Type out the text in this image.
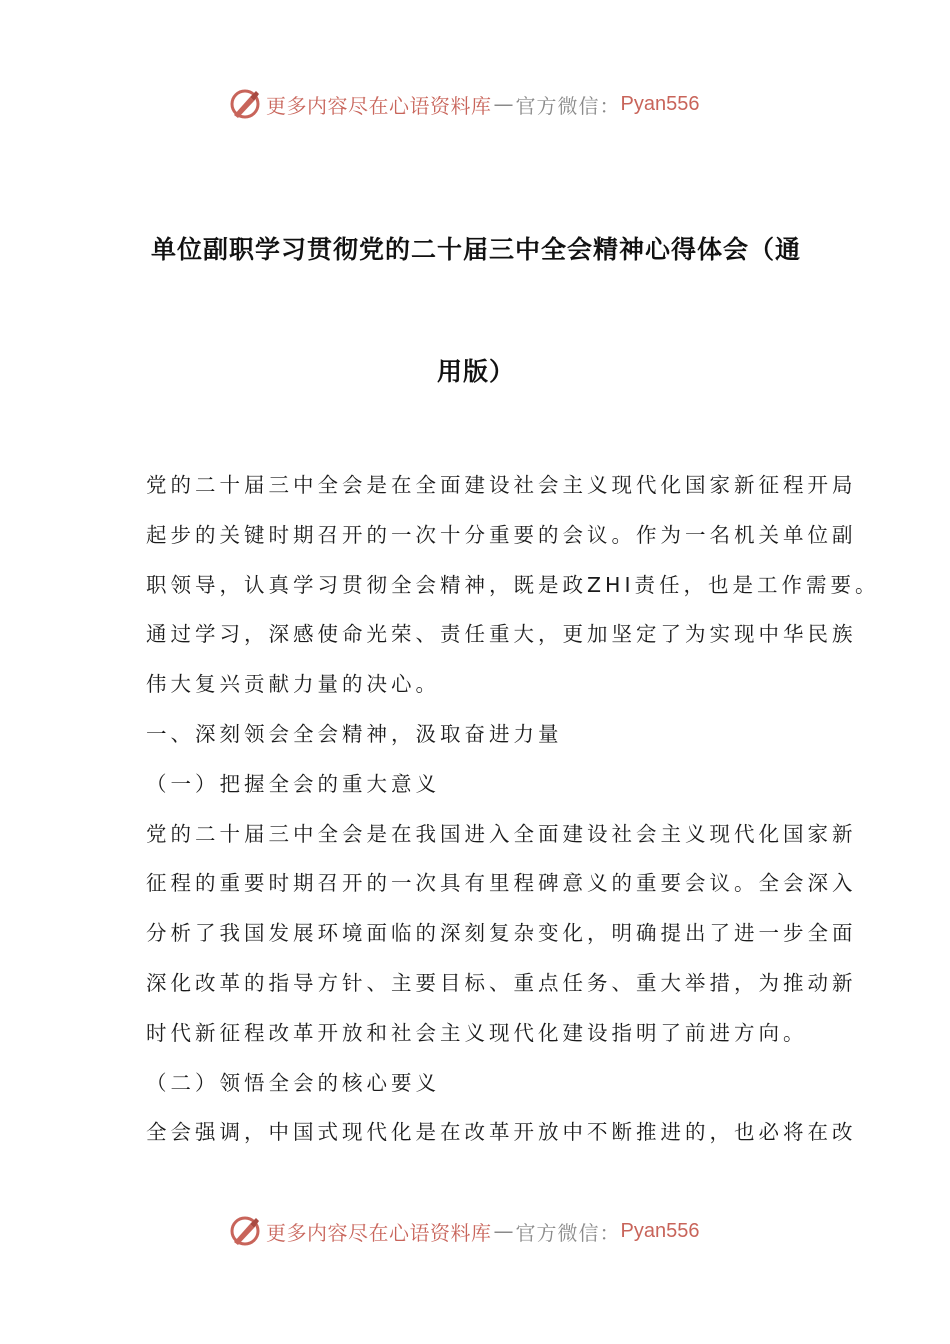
更多内容尽在心语资料库 — 官方微信： Pyan556
单位副职学习贯彻党的二十届三中全会精神心得体会（通
用版）
党的二十届三中全会是在全面建设社会主义现代化国家新征程开局
起步的关键时期召开的一次十分重要的会议。作为一名机关单位副
职领导，认真学习贯彻全会精神，既是政ZHI责任，也是工作需要。
通过学习，深感使命光荣、责任重大，更加坚定了为实现中华民族
伟大复兴贡献力量的决心。
一、深刻领会全会精神，汲取奋进力量
（一）把握全会的重大意义
党的二十届三中全会是在我国进入全面建设社会主义现代化国家新
征程的重要时期召开的一次具有里程碑意义的重要会议。全会深入
分析了我国发展环境面临的深刻复杂变化，明确提出了进一步全面
深化改革的指导方针、主要目标、重点任务、重大举措，为推动新
时代新征程改革开放和社会主义现代化建设指明了前进方向。
（二）领悟全会的核心要义
全会强调，中国式现代化是在改革开放中不断推进的，也必将在改
更多内容尽在心语资料库 — 官方微信： Pyan556
